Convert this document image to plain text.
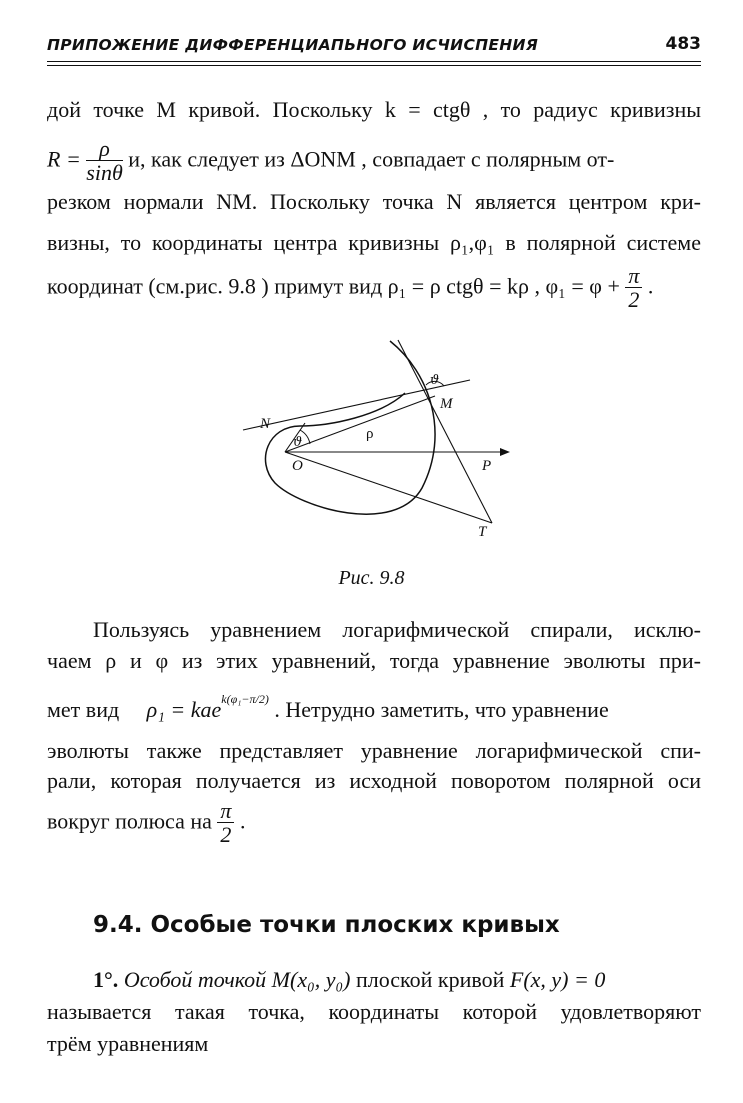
ПРИПОЖЕНИЕ ДИФФЕРЕНЦИАПЬНОГО ИСЧИСПЕНИЯ	483
дой точке M кривой. Поскольку k = ctgθ , то радиус кривизны
$R = \frac{\rho}{\sin\theta} и$, как следует из ΔONM , совпадает с полярным от-
резком нормали NM. Поскольку точка N является центром кри-
визны, то координаты центра кривизны ρ₁,φ₁ в полярной системе
координат (см.рис. 9.8 ) примут вид ρ₁ = ρ ctgθ = kρ , $\varphi_1 = \varphi + \frac{\pi}{2}$ .
N
O
M
ρ
P
T
ϑ
ϑ
Рис. 9.8
Пользуясь уравнением логарифмической спирали, исклю-
чаем ρ и φ из этих уравнений, тогда уравнение эволюты при-
мет вид ρ₁ = kae$^{k(\varphi_1-\pi/2)}$ . Нетрудно заметить, что уравнение
эволюты также представляет уравнение логарифмической спи-
рали, которая получается из исходной поворотом полярной оси
вокруг полюса на $\frac{\pi}{2}$ .
9.4. Особые точки плоских кривых
1°. Особой точкой M(x₀, y₀) плоской кривой F(x, y) = 0
называется такая точка, координаты которой удовлетворяют
трём уравнениям
